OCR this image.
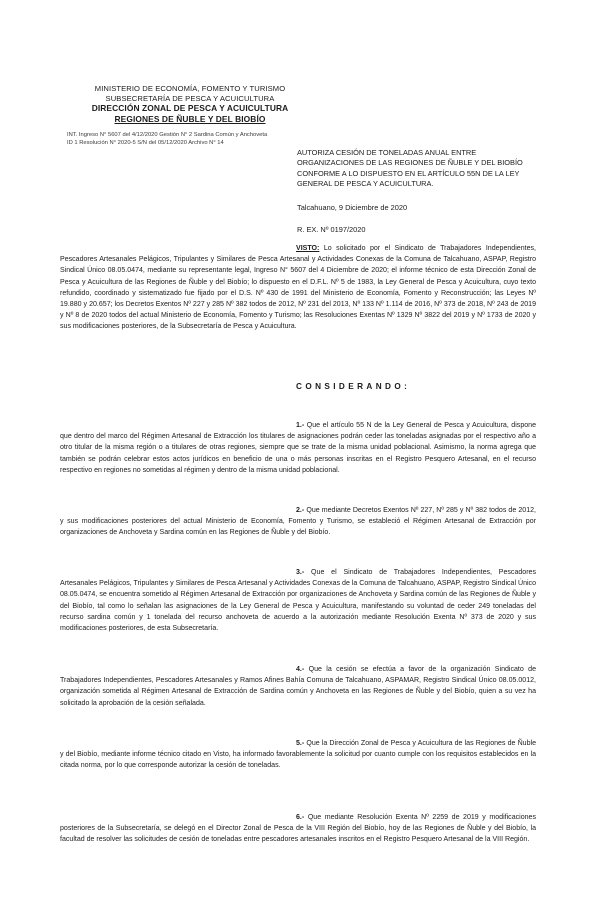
MINISTERIO DE ECONOMÍA, FOMENTO Y TURISMO
SUBSECRETARÍA DE PESCA Y ACUICULTURA
DIRECCIÓN ZONAL DE PESCA Y ACUICULTURA
REGIONES DE ÑUBLE Y DEL BIOBÍO
INT. Ingreso N° 5607 del 4/12/2020 Gestión N° 2 Sardina Común y Anchoveta
ID 1 Resolución N° 2020-5 S/N del 05/12/2020 Archivo N° 14
AUTORIZA CESIÓN DE TONELADAS ANUAL ENTRE ORGANIZACIONES DE LAS REGIONES DE ÑUBLE Y DEL BIOBÍO CONFORME A LO DISPUESTO EN EL ARTÍCULO 55N DE LA LEY GENERAL DE PESCA Y ACUICULTURA.
Talcahuano, 9 Diciembre de 2020
R. EX. Nº 0197/2020

VISTO: Lo solicitado por el Sindicato de Trabajadores Independientes, Pescadores Artesanales Pelágicos, Tripulantes y Similares de Pesca Artesanal y Actividades Conexas de la Comuna de Talcahuano, ASPAP, Registro Sindical Único 08.05.0474, mediante su representante legal, Ingreso N° 5607 del 4 Diciembre de 2020; el informe técnico de esta Dirección Zonal de Pesca y Acuicultura de las Regiones de Ñuble y del Biobío; lo dispuesto en el D.F.L. Nº 5 de 1983, la Ley General de Pesca y Acuicultura, cuyo texto refundido, coordinado y sistematizado fue fijado por el D.S. Nº 430 de 1991 del Ministerio de Economía, Fomento y Reconstrucción; las Leyes Nº 19.880 y 20.657; los Decretos Exentos Nº 227 y 285 Nº 382 todos de 2012, Nº 231 del 2013, Nº 133 Nº 1.114 de 2016, Nº 373 de 2018, Nº 243 de 2019 y Nº 8 de 2020 todos del actual Ministerio de Economía, Fomento y Turismo; las Resoluciones Exentas Nº 1329 Nº 3822 del 2019 y Nº 1733 de 2020 y sus modificaciones posteriores, de la Subsecretaría de Pesca y Acuicultura.

CONSIDERANDO:

1.- Que el artículo 55 N de la Ley General de Pesca y Acuicultura, dispone que dentro del marco del Régimen Artesanal de Extracción los titulares de asignaciones podrán ceder las toneladas asignadas por el respectivo año a otro titular de la misma región o a titulares de otras regiones, siempre que se trate de la misma unidad poblacional. Asimismo, la norma agrega que también se podrán celebrar estos actos jurídicos en beneficio de una o más personas inscritas en el Registro Pesquero Artesanal, en el recurso respectivo en regiones no sometidas al régimen y dentro de la misma unidad poblacional.

2.- Que mediante Decretos Exentos Nº 227, Nº 285 y Nº 382 todos de 2012, y sus modificaciones posteriores del actual Ministerio de Economía, Fomento y Turismo, se estableció el Régimen Artesanal de Extracción por organizaciones de Anchoveta y Sardina común en las Regiones de Ñuble y del Biobío.

3.- Que el Sindicato de Trabajadores Independientes, Pescadores Artesanales Pelágicos, Tripulantes y Similares de Pesca Artesanal y Actividades Conexas de la Comuna de Talcahuano, ASPAP, Registro Sindical Único 08.05.0474, se encuentra sometido al Régimen Artesanal de Extracción por organizaciones de Anchoveta y Sardina común de las Regiones de Ñuble y del Biobío, tal como lo señalan las asignaciones de la Ley General de Pesca y Acuicultura, manifestando su voluntad de ceder 249 toneladas del recurso sardina común y 1 tonelada del recurso anchoveta de acuerdo a la autorización mediante Resolución Exenta Nº 373 de 2020 y sus modificaciones posteriores, de esta Subsecretaría.

4.- Que la cesión se efectúa a favor de la organización Sindicato de Trabajadores Independientes, Pescadores Artesanales y Ramos Afines Bahía Comuna de Talcahuano, ASPAMAR, Registro Sindical Único 08.05.0012, organización sometida al Régimen Artesanal de Extracción de Sardina común y Anchoveta en las Regiones de Ñuble y del Biobío, quien a su vez ha solicitado la aprobación de la cesión señalada.

5.- Que la Dirección Zonal de Pesca y Acuicultura de las Regiones de Ñuble y del Biobío, mediante informe técnico citado en Visto, ha informado favorablemente la solicitud por cuanto cumple con los requisitos establecidos en la citada norma, por lo que corresponde autorizar la cesión de toneladas.

6.- Que mediante Resolución Exenta Nº 2259 de 2019 y modificaciones posteriores de la Subsecretaría, se delegó en el Director Zonal de Pesca de la VIII Región del Biobío, hoy de las Regiones de Ñuble y del Biobío, la facultad de resolver las solicitudes de cesión de toneladas entre pescadores artesanales inscritos en el Registro Pesquero Artesanal de la VIII Región.
